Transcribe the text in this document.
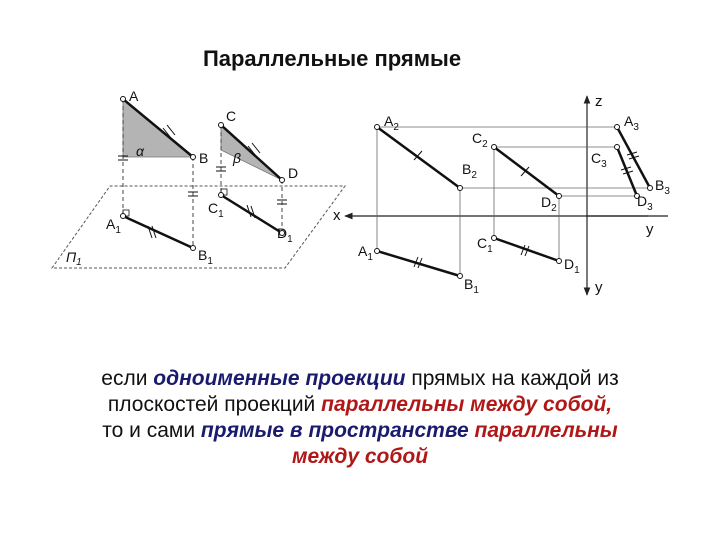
Параллельные прямые
A
B
C
D
$A_1$
$B_1$
$C_1$
$D_1$
α	β
$\Pi_1$
$A_2$
$B_2$
$C_2$
$D_2$
$A_1$
$B_1$
$C_1$
$D_1$
$A_3$
$B_3$
$C_3$
$D_3$
x
z
y
y
если одноименные проекции прямых на каждой из
плоскостей проекций параллельны между собой,
то и сами прямые в пространстве параллельны
между собой
